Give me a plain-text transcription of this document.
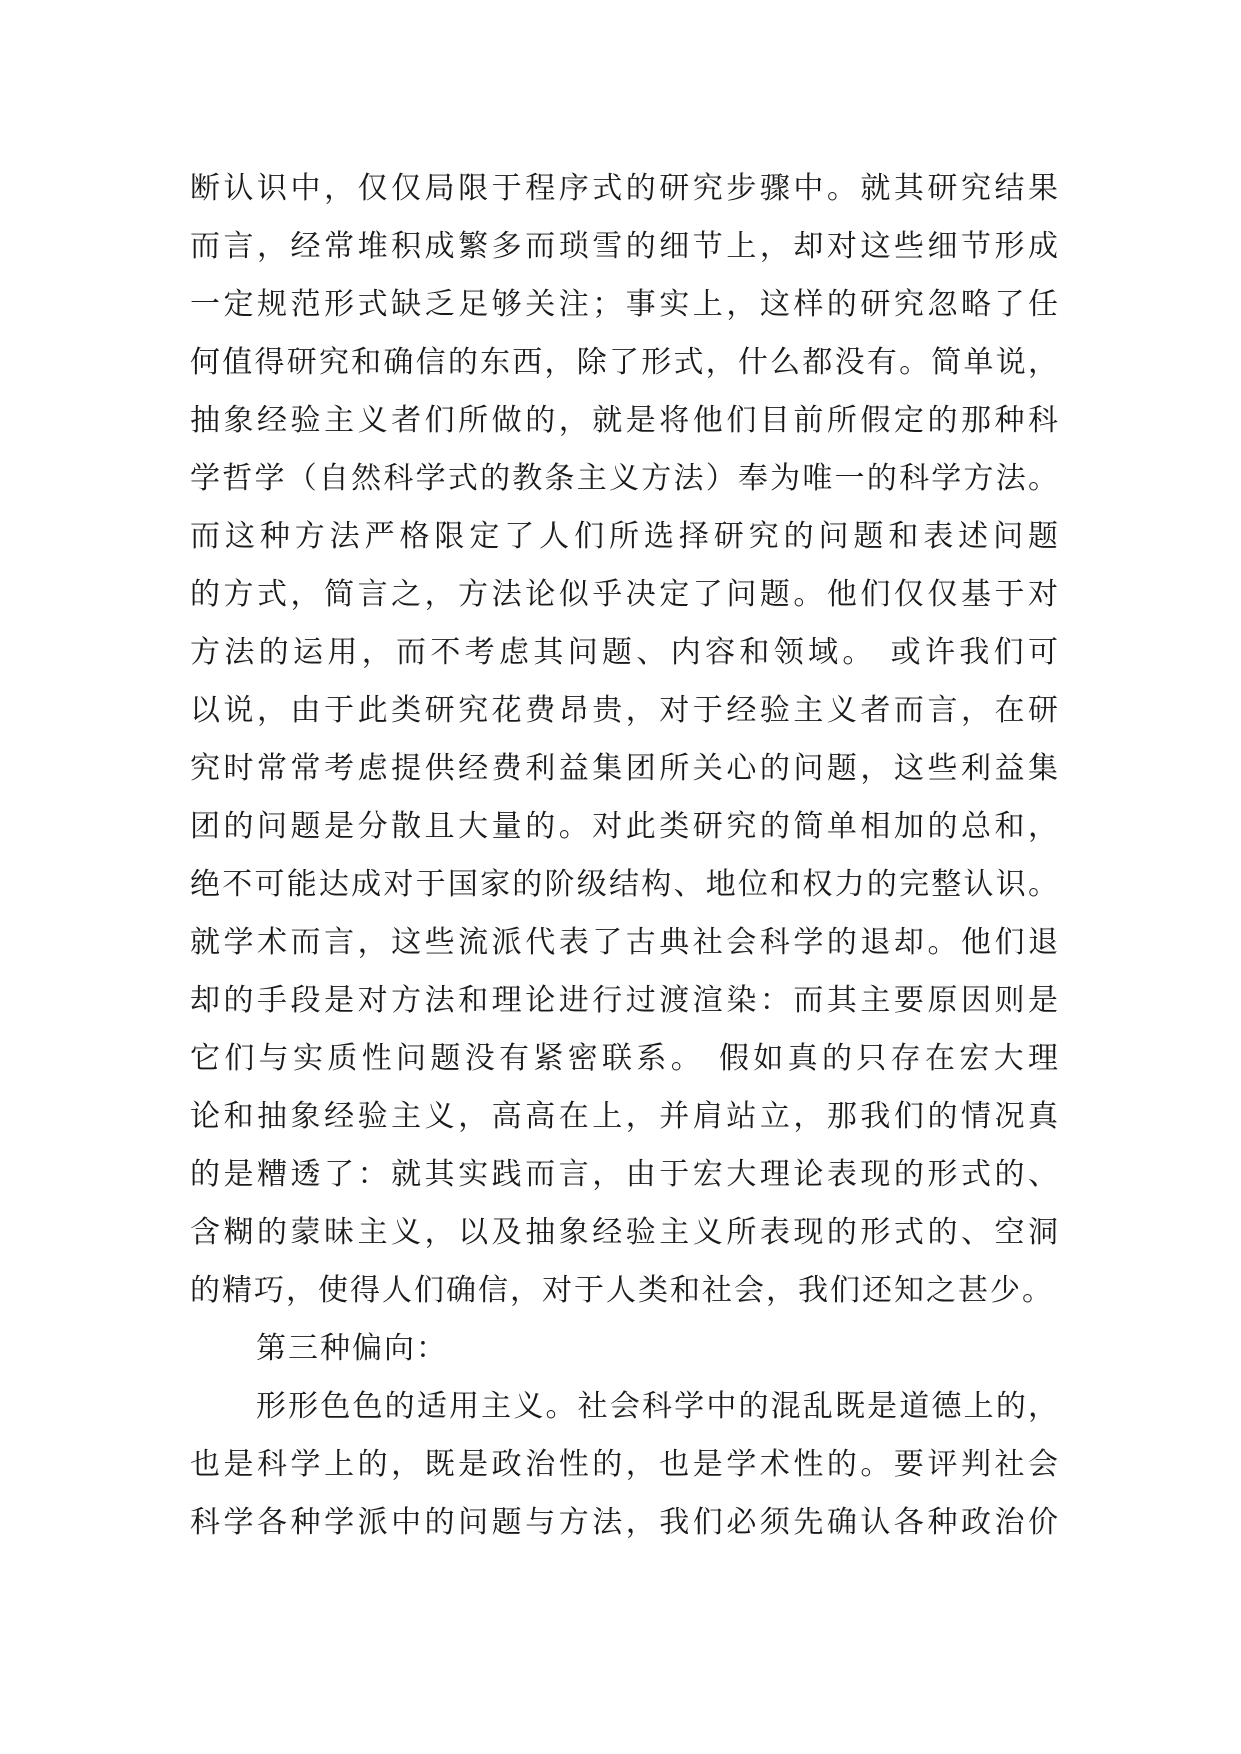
断认识中，仅仅局限于程序式的研究步骤中。就其研究结果
而言，经常堆积成繁多而琐雪的细节上，却对这些细节形成
一定规范形式缺乏足够关注；事实上，这样的研究忽略了任
何值得研究和确信的东西，除了形式，什么都没有。简单说，
抽象经验主义者们所做的，就是将他们目前所假定的那种科
学哲学（自然科学式的教条主义方法）奉为唯一的科学方法。
而这种方法严格限定了人们所选择研究的问题和表述问题
的方式，简言之，方法论似乎决定了问题。他们仅仅基于对
方法的运用，而不考虑其问题、内容和领域。 或许我们可
以说，由于此类研究花费昂贵，对于经验主义者而言，在研
究时常常考虑提供经费利益集团所关心的问题，这些利益集
团的问题是分散且大量的。对此类研究的简单相加的总和，
绝不可能达成对于国家的阶级结构、地位和权力的完整认识。
就学术而言，这些流派代表了古典社会科学的退却。他们退
却的手段是对方法和理论进行过渡渲染：而其主要原因则是
它们与实质性问题没有紧密联系。 假如真的只存在宏大理
论和抽象经验主义，高高在上，并肩站立，那我们的情况真
的是糟透了：就其实践而言，由于宏大理论表现的形式的、
含糊的蒙昧主义，以及抽象经验主义所表现的形式的、空洞
的精巧，使得人们确信，对于人类和社会，我们还知之甚少。
第三种偏向：
形形色色的适用主义。社会科学中的混乱既是道德上的，
也是科学上的，既是政治性的，也是学术性的。要评判社会
科学各种学派中的问题与方法，我们必须先确认各种政治价
